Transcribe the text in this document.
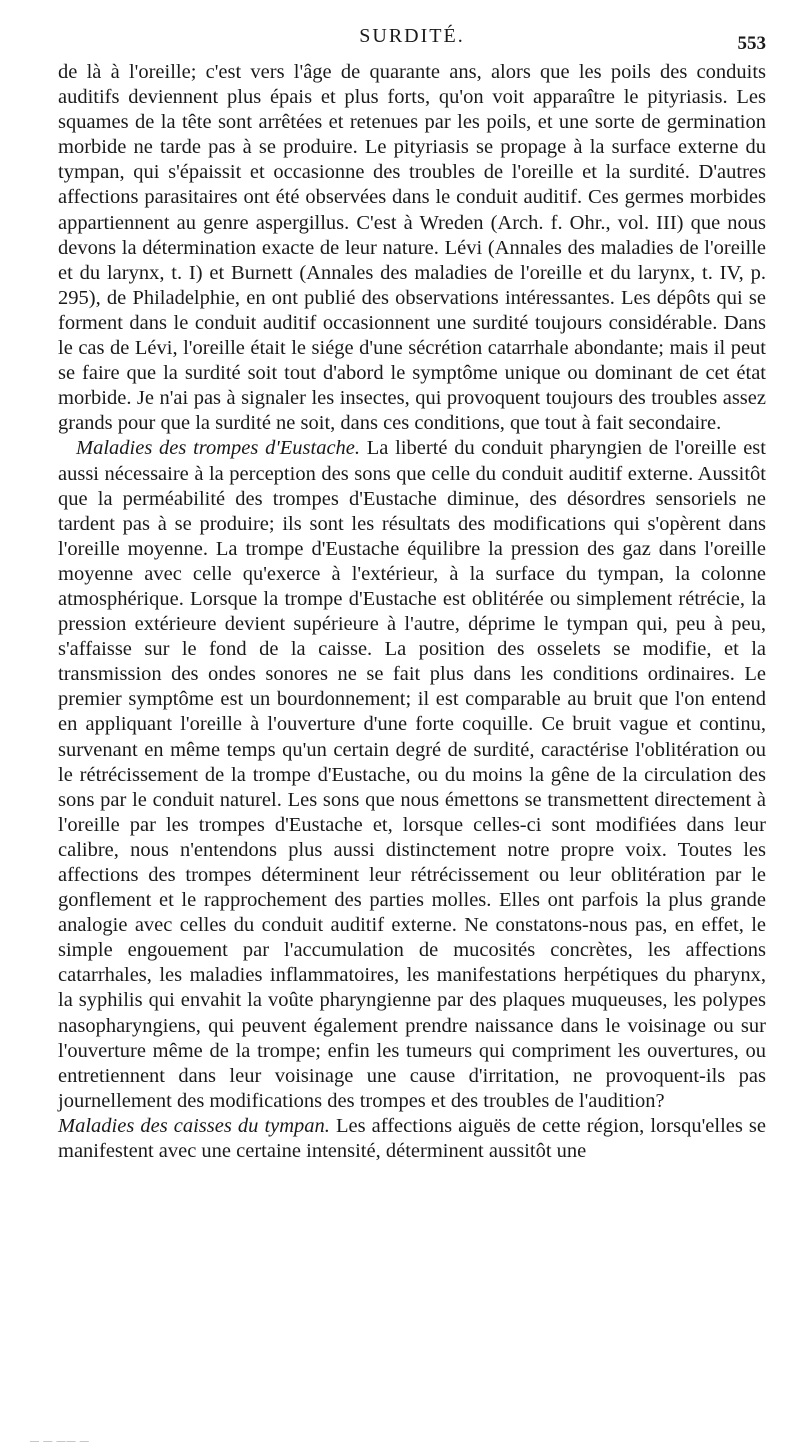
SURDITÉ.	553

de là à l'oreille; c'est vers l'âge de quarante ans, alors que les poils des conduits auditifs deviennent plus épais et plus forts, qu'on voit apparaître le pityriasis. Les squames de la tête sont arrêtées et retenues par les poils, et une sorte de germination morbide ne tarde pas à se produire. Le pityriasis se propage à la surface externe du tympan, qui s'épaissit et occasionne des troubles de l'oreille et la surdité. D'autres affections parasitaires ont été observées dans le conduit auditif. Ces germes morbides appartiennent au genre aspergillus. C'est à Wreden (Arch. f. Ohr., vol. III) que nous devons la détermination exacte de leur nature. Lévi (Annales des maladies de l'oreille et du larynx, t. I) et Burnett (Annales des maladies de l'oreille et du larynx, t. IV, p. 295), de Philadelphie, en ont publié des observations intéressantes. Les dépôts qui se forment dans le conduit auditif occasionnent une surdité toujours considérable. Dans le cas de Lévi, l'oreille était le siége d'une sécrétion catarrhale abondante; mais il peut se faire que la surdité soit tout d'abord le symptôme unique ou dominant de cet état morbide. Je n'ai pas à signaler les insectes, qui provoquent toujours des troubles assez grands pour que la surdité ne soit, dans ces conditions, que tout à fait secondaire.

Maladies des trompes d'Eustache. La liberté du conduit pharyngien de l'oreille est aussi nécessaire à la perception des sons que celle du conduit auditif externe. Aussitôt que la perméabilité des trompes d'Eustache diminue, des désordres sensoriels ne tardent pas à se produire; ils sont les résultats des modifications qui s'opèrent dans l'oreille moyenne. La trompe d'Eustache équilibre la pression des gaz dans l'oreille moyenne avec celle qu'exerce à l'extérieur, à la surface du tympan, la colonne atmosphérique. Lorsque la trompe d'Eustache est oblitérée ou simplement rétrécie, la pression extérieure devient supérieure à l'autre, déprime le tympan qui, peu à peu, s'affaisse sur le fond de la caisse. La position des osselets se modifie, et la transmission des ondes sonores ne se fait plus dans les conditions ordinaires. Le premier symptôme est un bourdonnement; il est comparable au bruit que l'on entend en appliquant l'oreille à l'ouverture d'une forte coquille. Ce bruit vague et continu, survenant en même temps qu'un certain degré de surdité, caractérise l'oblitération ou le rétrécissement de la trompe d'Eustache, ou du moins la gêne de la circulation des sons par le conduit naturel. Les sons que nous émettons se transmettent directement à l'oreille par les trompes d'Eustache et, lorsque celles-ci sont modifiées dans leur calibre, nous n'entendons plus aussi distinctement notre propre voix. Toutes les affections des trompes déterminent leur rétrécissement ou leur oblitération par le gonflement et le rapprochement des parties molles. Elles ont parfois la plus grande analogie avec celles du conduit auditif externe. Ne constatons-nous pas, en effet, le simple engouement par l'accumulation de mucosités concrètes, les affections catarrhales, les maladies inflammatoires, les manifestations herpétiques du pharynx, la syphilis qui envahit la voûte pharyngienne par des plaques muqueuses, les polypes nasopharyngiens, qui peuvent également prendre naissance dans le voisinage ou sur l'ouverture même de la trompe; enfin les tumeurs qui compriment les ouvertures, ou entretiennent dans leur voisinage une cause d'irritation, ne provoquent-ils pas journellement des modifications des trompes et des troubles de l'audition?

Maladies des caisses du tympan. Les affections aiguës de cette région, lorsqu'elles se manifestent avec une certaine intensité, déterminent aussitôt une

— — —— —
